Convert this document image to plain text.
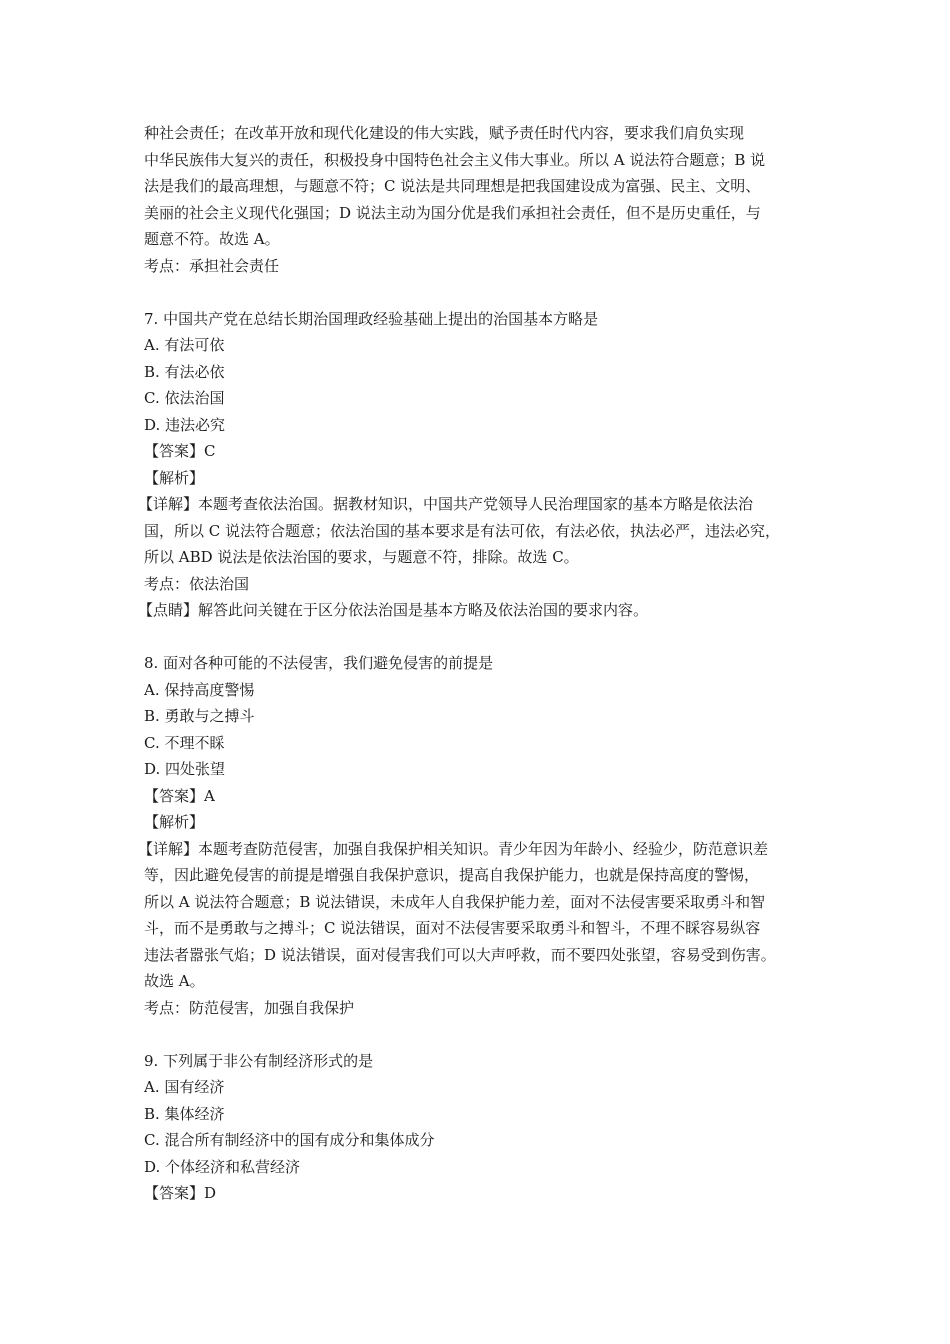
种社会责任；在改革开放和现代化建设的伟大实践，赋予责任时代内容，要求我们肩负实现
中华民族伟大复兴的责任，积极投身中国特色社会主义伟大事业。所以 A 说法符合题意；B 说
法是我们的最高理想，与题意不符；C 说法是共同理想是把我国建设成为富强、民主、文明、
美丽的社会主义现代化强国；D 说法主动为国分优是我们承担社会责任，但不是历史重任，与
题意不符。故选 A。
考点：承担社会责任
7. 中国共产党在总结长期治国理政经验基础上提出的治国基本方略是
A. 有法可依
B. 有法必依
C. 依法治国
D. 违法必究
【答案】C
【解析】
【详解】本题考查依法治国。据教材知识，中国共产党领导人民治理国家的基本方略是依法治
国，所以 C 说法符合题意；依法治国的基本要求是有法可依，有法必依，执法必严，违法必究，
所以 ABD 说法是依法治国的要求，与题意不符，排除。故选 C。
考点：依法治国
【点睛】解答此问关键在于区分依法治国是基本方略及依法治国的要求内容。
8. 面对各种可能的不法侵害，我们避免侵害的前提是
A. 保持高度警惕
B. 勇敢与之搏斗
C. 不理不睬
D. 四处张望
【答案】A
【解析】
【详解】本题考查防范侵害，加强自我保护相关知识。青少年因为年龄小、经验少，防范意识差
等，因此避免侵害的前提是增强自我保护意识，提高自我保护能力，也就是保持高度的警惕，
所以 A 说法符合题意；B 说法错误，未成年人自我保护能力差，面对不法侵害要采取勇斗和智
斗，而不是勇敢与之搏斗；C 说法错误，面对不法侵害要采取勇斗和智斗，不理不睬容易纵容
违法者嚣张气焰；D 说法错误，面对侵害我们可以大声呼救，而不要四处张望，容易受到伤害。
故选 A。
考点：防范侵害，加强自我保护
9. 下列属于非公有制经济形式的是
A. 国有经济
B. 集体经济
C. 混合所有制经济中的国有成分和集体成分
D. 个体经济和私营经济
【答案】D
